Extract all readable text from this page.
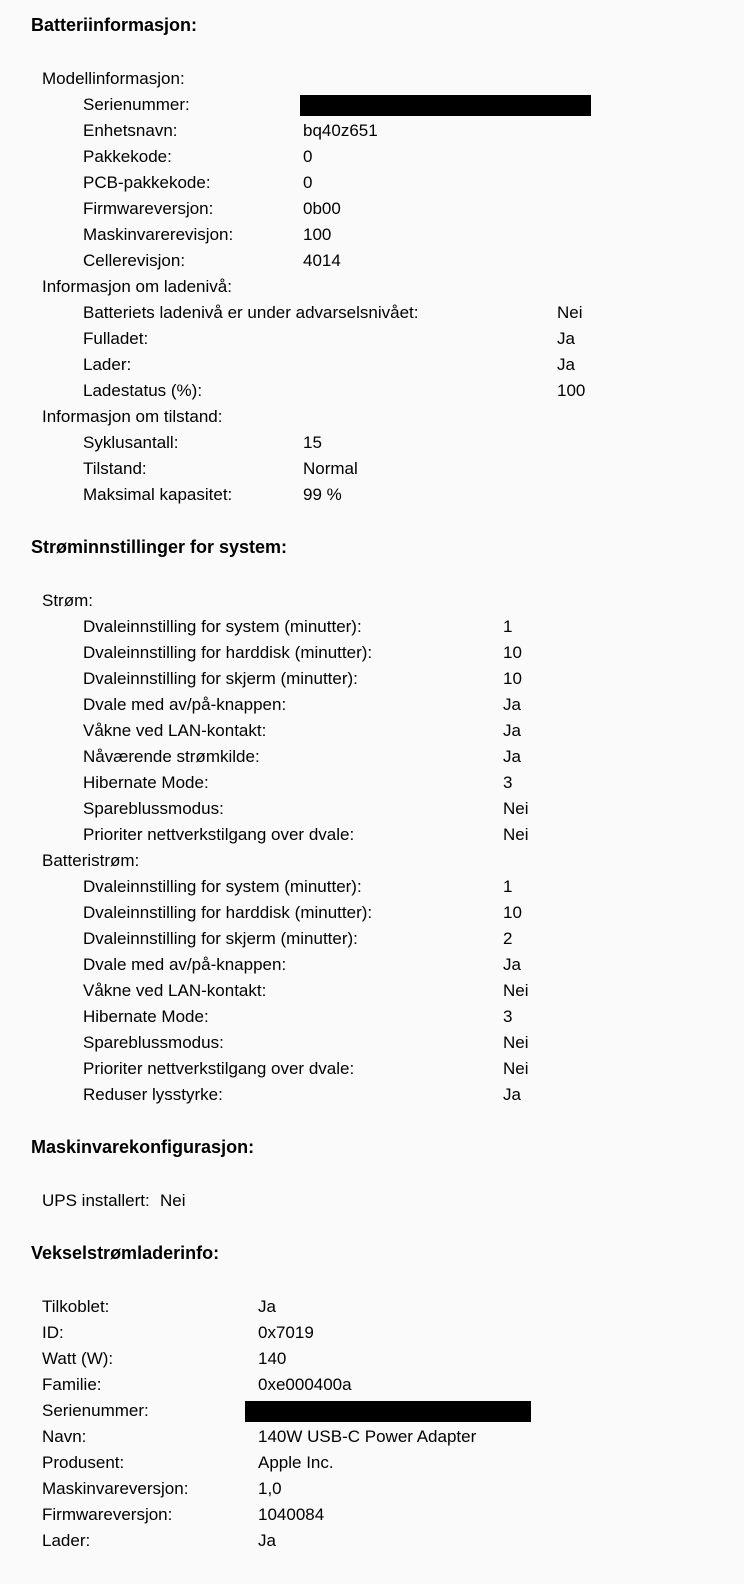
Batteriinformasjon:
Modellinformasjon:
Serienummer:
Enhetsnavn:	bq40z651
Pakkekode:	0
PCB-pakkekode:	0
Firmwareversjon:	0b00
Maskinvarerevisjon:	100
Cellerevisjon:	4014
Informasjon om ladenivå:
Batteriets ladenivå er under advarselsnivået:	Nei
Fulladet:	Ja
Lader:	Ja
Ladestatus (%):	100
Informasjon om tilstand:
Syklusantall:	15
Tilstand:	Normal
Maksimal kapasitet:	99 %
Strøminnstillinger for system:
Strøm:
Dvaleinnstilling for system (minutter):	1
Dvaleinnstilling for harddisk (minutter):	10
Dvaleinnstilling for skjerm (minutter):	10
Dvale med av/på-knappen:	Ja
Våkne ved LAN-kontakt:	Ja
Nåværende strømkilde:	Ja
Hibernate Mode:	3
Spareblussmodus:	Nei
Prioriter nettverkstilgang over dvale:	Nei
Batteristrøm:
Dvaleinnstilling for system (minutter):	1
Dvaleinnstilling for harddisk (minutter):	10
Dvaleinnstilling for skjerm (minutter):	2
Dvale med av/på-knappen:	Ja
Våkne ved LAN-kontakt:	Nei
Hibernate Mode:	3
Spareblussmodus:	Nei
Prioriter nettverkstilgang over dvale:	Nei
Reduser lysstyrke:	Ja
Maskinvarekonfigurasjon:
UPS installert: Nei
Vekselstrømladerinfo:
Tilkoblet:	Ja
ID:	0x7019
Watt (W):	140
Familie:	0xe000400a
Serienummer:
Navn:	140W USB-C Power Adapter
Produsent:	Apple Inc.
Maskinvareversjon:	1,0
Firmwareversjon:	1040084
Lader:	Ja
